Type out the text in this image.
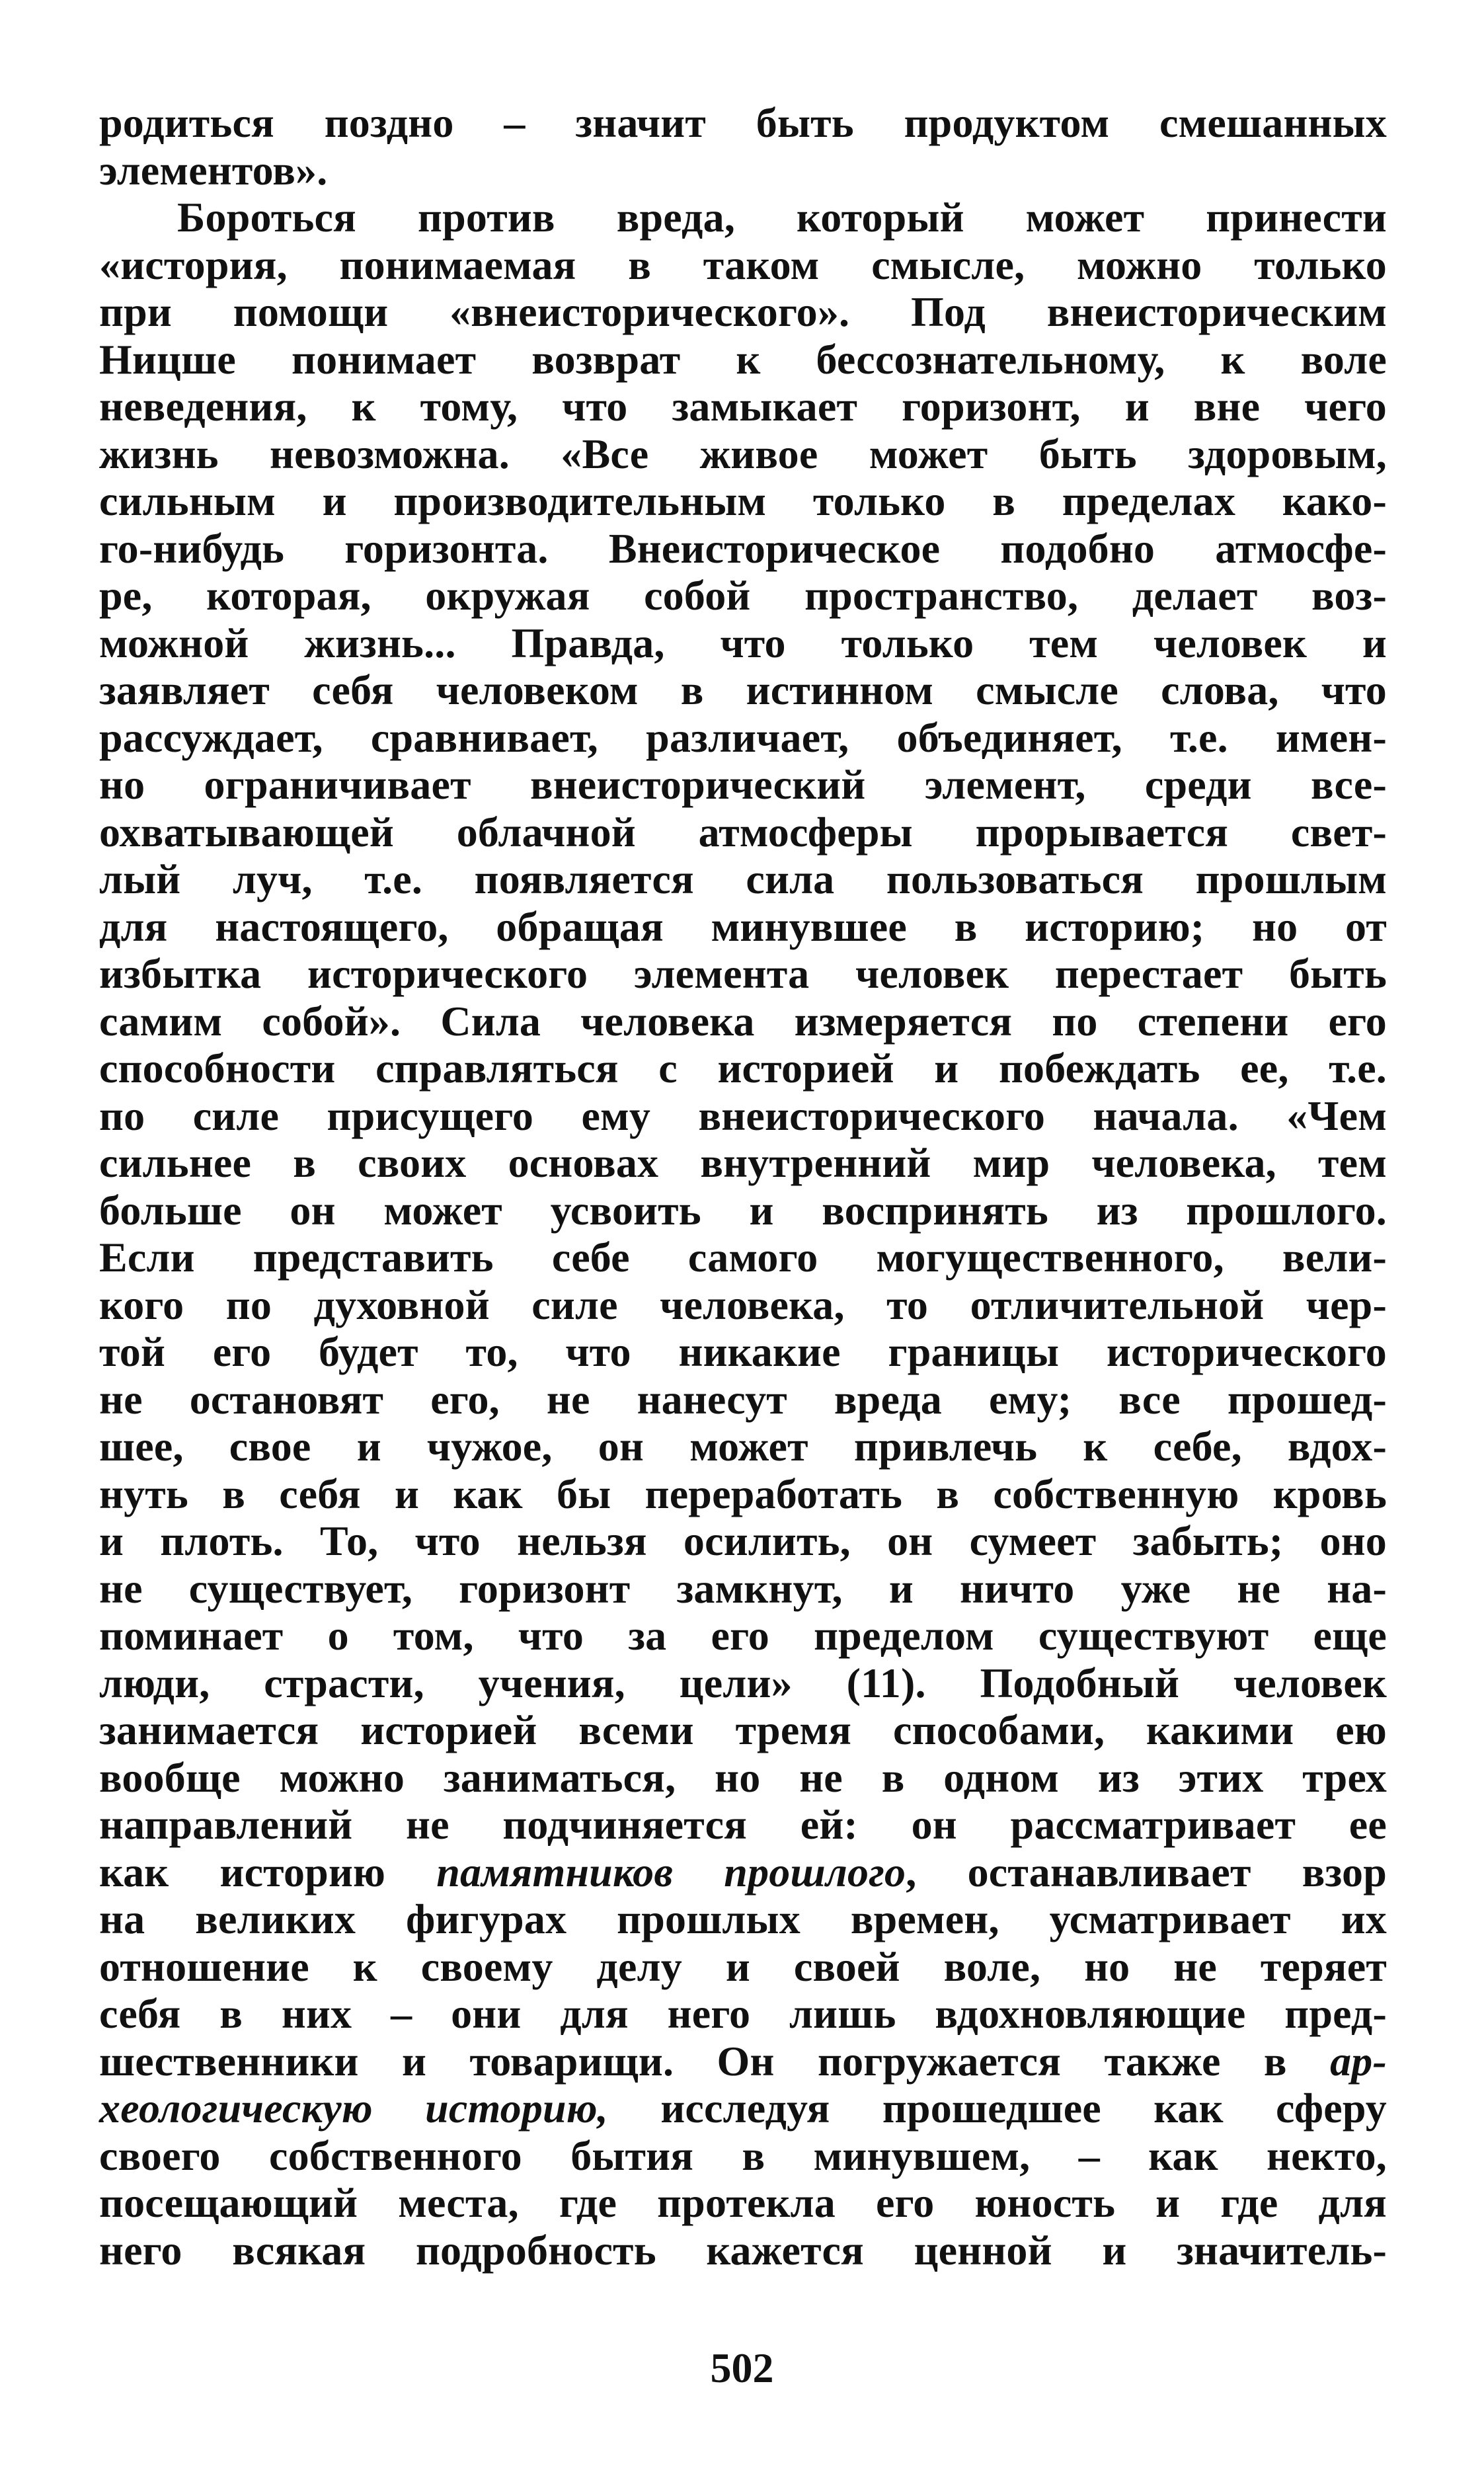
родиться поздно – значит быть продуктом смешанных
элементов».
Бороться против вреда, который может принести
«история, понимаемая в таком смысле, можно только
при помощи «внеисторического». Под внеисторическим
Ницше понимает возврат к бессознательному, к воле
неведения, к тому, что замыкает горизонт, и вне чего
жизнь невозможна. «Все живое может быть здоровым,
сильным и производительным только в пределах како-
го-нибудь горизонта. Внеисторическое подобно атмосфе-
ре, которая, окружая собой пространство, делает воз-
можной жизнь... Правда, что только тем человек и
заявляет себя человеком в истинном смысле слова, что
рассуждает, сравнивает, различает, объединяет, т.е. имен-
но ограничивает внеисторический элемент, среди все-
охватывающей облачной атмосферы прорывается свет-
лый луч, т.е. появляется сила пользоваться прошлым
для настоящего, обращая минувшее в историю; но от
избытка исторического элемента человек перестает быть
самим собой». Сила человека измеряется по степени его
способности справляться с историей и побеждать ее, т.е.
по силе присущего ему внеисторического начала. «Чем
сильнее в своих основах внутренний мир человека, тем
больше он может усвоить и воспринять из прошлого.
Если представить себе самого могущественного, вели-
кого по духовной силе человека, то отличительной чер-
той его будет то, что никакие границы исторического
не остановят его, не нанесут вреда ему; все прошед-
шее, свое и чужое, он может привлечь к себе, вдох-
нуть в себя и как бы переработать в собственную кровь
и плоть. То, что нельзя осилить, он сумеет забыть; оно
не существует, горизонт замкнут, и ничто уже не на-
поминает о том, что за его пределом существуют еще
люди, страсти, учения, цели» (11). Подобный человек
занимается историей всеми тремя способами, какими ею
вообще можно заниматься, но не в одном из этих трех
направлений не подчиняется ей: он рассматривает ее
как историю памятников прошлого, останавливает взор
на великих фигурах прошлых времен, усматривает их
отношение к своему делу и своей воле, но не теряет
себя в них – они для него лишь вдохновляющие пред-
шественники и товарищи. Он погружается также в ар-
хеологическую историю, исследуя прошедшее как сферу
своего собственного бытия в минувшем, – как некто,
посещающий места, где протекла его юность и где для
него всякая подробность кажется ценной и значитель-
502
